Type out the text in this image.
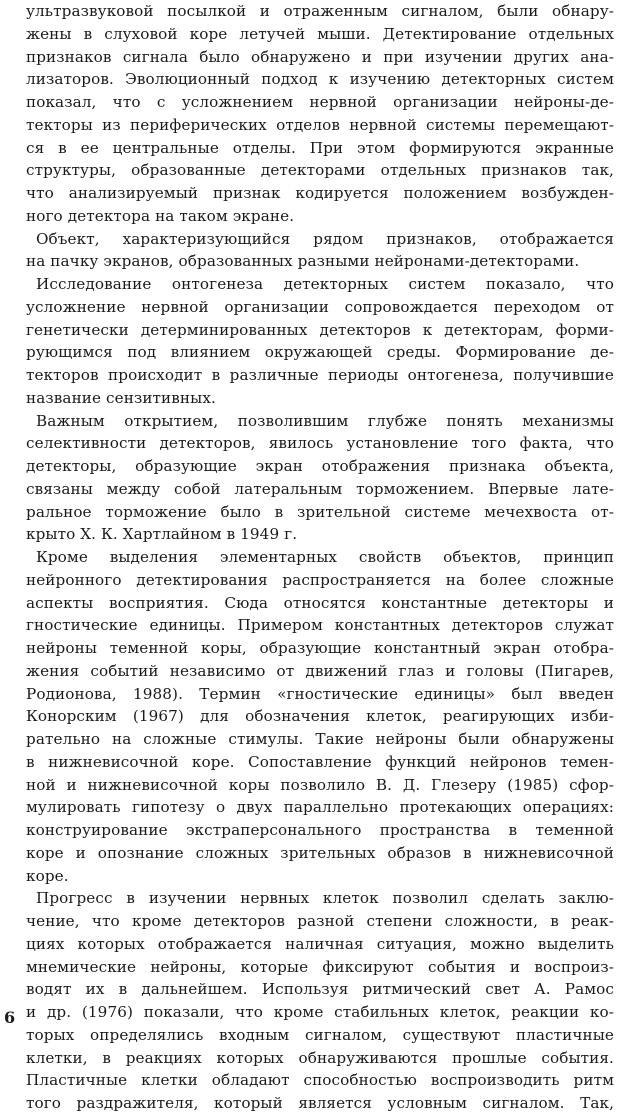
ультразвуковой посылкой и отраженным сигналом, были обнару-
жены в слуховой коре летучей мыши. Детектирование отдельных
признаков сигнала было обнаружено и при изучении других ана-
лизаторов. Эволюционный подход к изучению детекторных систем
показал, что с усложнением нервной организации нейроны-де-
текторы из периферических отделов нервной системы перемещают-
ся в ее центральные отделы. При этом формируются экранные
структуры, образованные детекторами отдельных признаков так,
что анализируемый признак кодируется положением возбужден-
ного детектора на таком экране.
Объект, характеризующийся рядом признаков, отображается
на пачку экранов, образованных разными нейронами-детекторами.
Исследование онтогенеза детекторных систем показало, что
усложнение нервной организации сопровождается переходом от
генетически детерминированных детекторов к детекторам, форми-
рующимся под влиянием окружающей среды. Формирование де-
текторов происходит в различные периоды онтогенеза, получившие
название сензитивных.
Важным открытием, позволившим глубже понять механизмы
селективности детекторов, явилось установление того факта, что
детекторы, образующие экран отображения признака объекта,
связаны между собой латеральным торможением. Впервые лате-
ральное торможение было в зрительной системе мечехвоста от-
крыто Х. К. Хартлайном в 1949 г.
Кроме выделения элементарных свойств объектов, принцип
нейронного детектирования распространяется на более сложные
аспекты восприятия. Сюда относятся константные детекторы и
гностические единицы. Примером константных детекторов служат
нейроны теменной коры, образующие константный экран отобра-
жения событий независимо от движений глаз и головы (Пигарев,
Родионова, 1988). Термин «гностические единицы» был введен
Конорским (1967) для обозначения клеток, реагирующих изби-
рательно на сложные стимулы. Такие нейроны были обнаружены
в нижневисочной коре. Сопоставление функций нейронов темен-
ной и нижневисочной коры позволило В. Д. Глезеру (1985) сфор-
мулировать гипотезу о двух параллельно протекающих операциях:
конструирование экстраперсонального пространства в теменной
коре и опознание сложных зрительных образов в нижневисочной
коре.
Прогресс в изучении нервных клеток позволил сделать заклю-
чение, что кроме детекторов разной степени сложности, в реак-
циях которых отображается наличная ситуация, можно выделить
мнемические нейроны, которые фиксируют события и воспроиз-
водят их в дальнейшем. Используя ритмический свет А. Рамос
и др. (1976) показали, что кроме стабильных клеток, реакции ко-
торых определялись входным сигналом, существуют пластичные
клетки, в реакциях которых обнаруживаются прошлые события.
Пластичные клетки обладают способностью воспроизводить ритм
того раздражителя, который является условным сигналом. Так,
6
